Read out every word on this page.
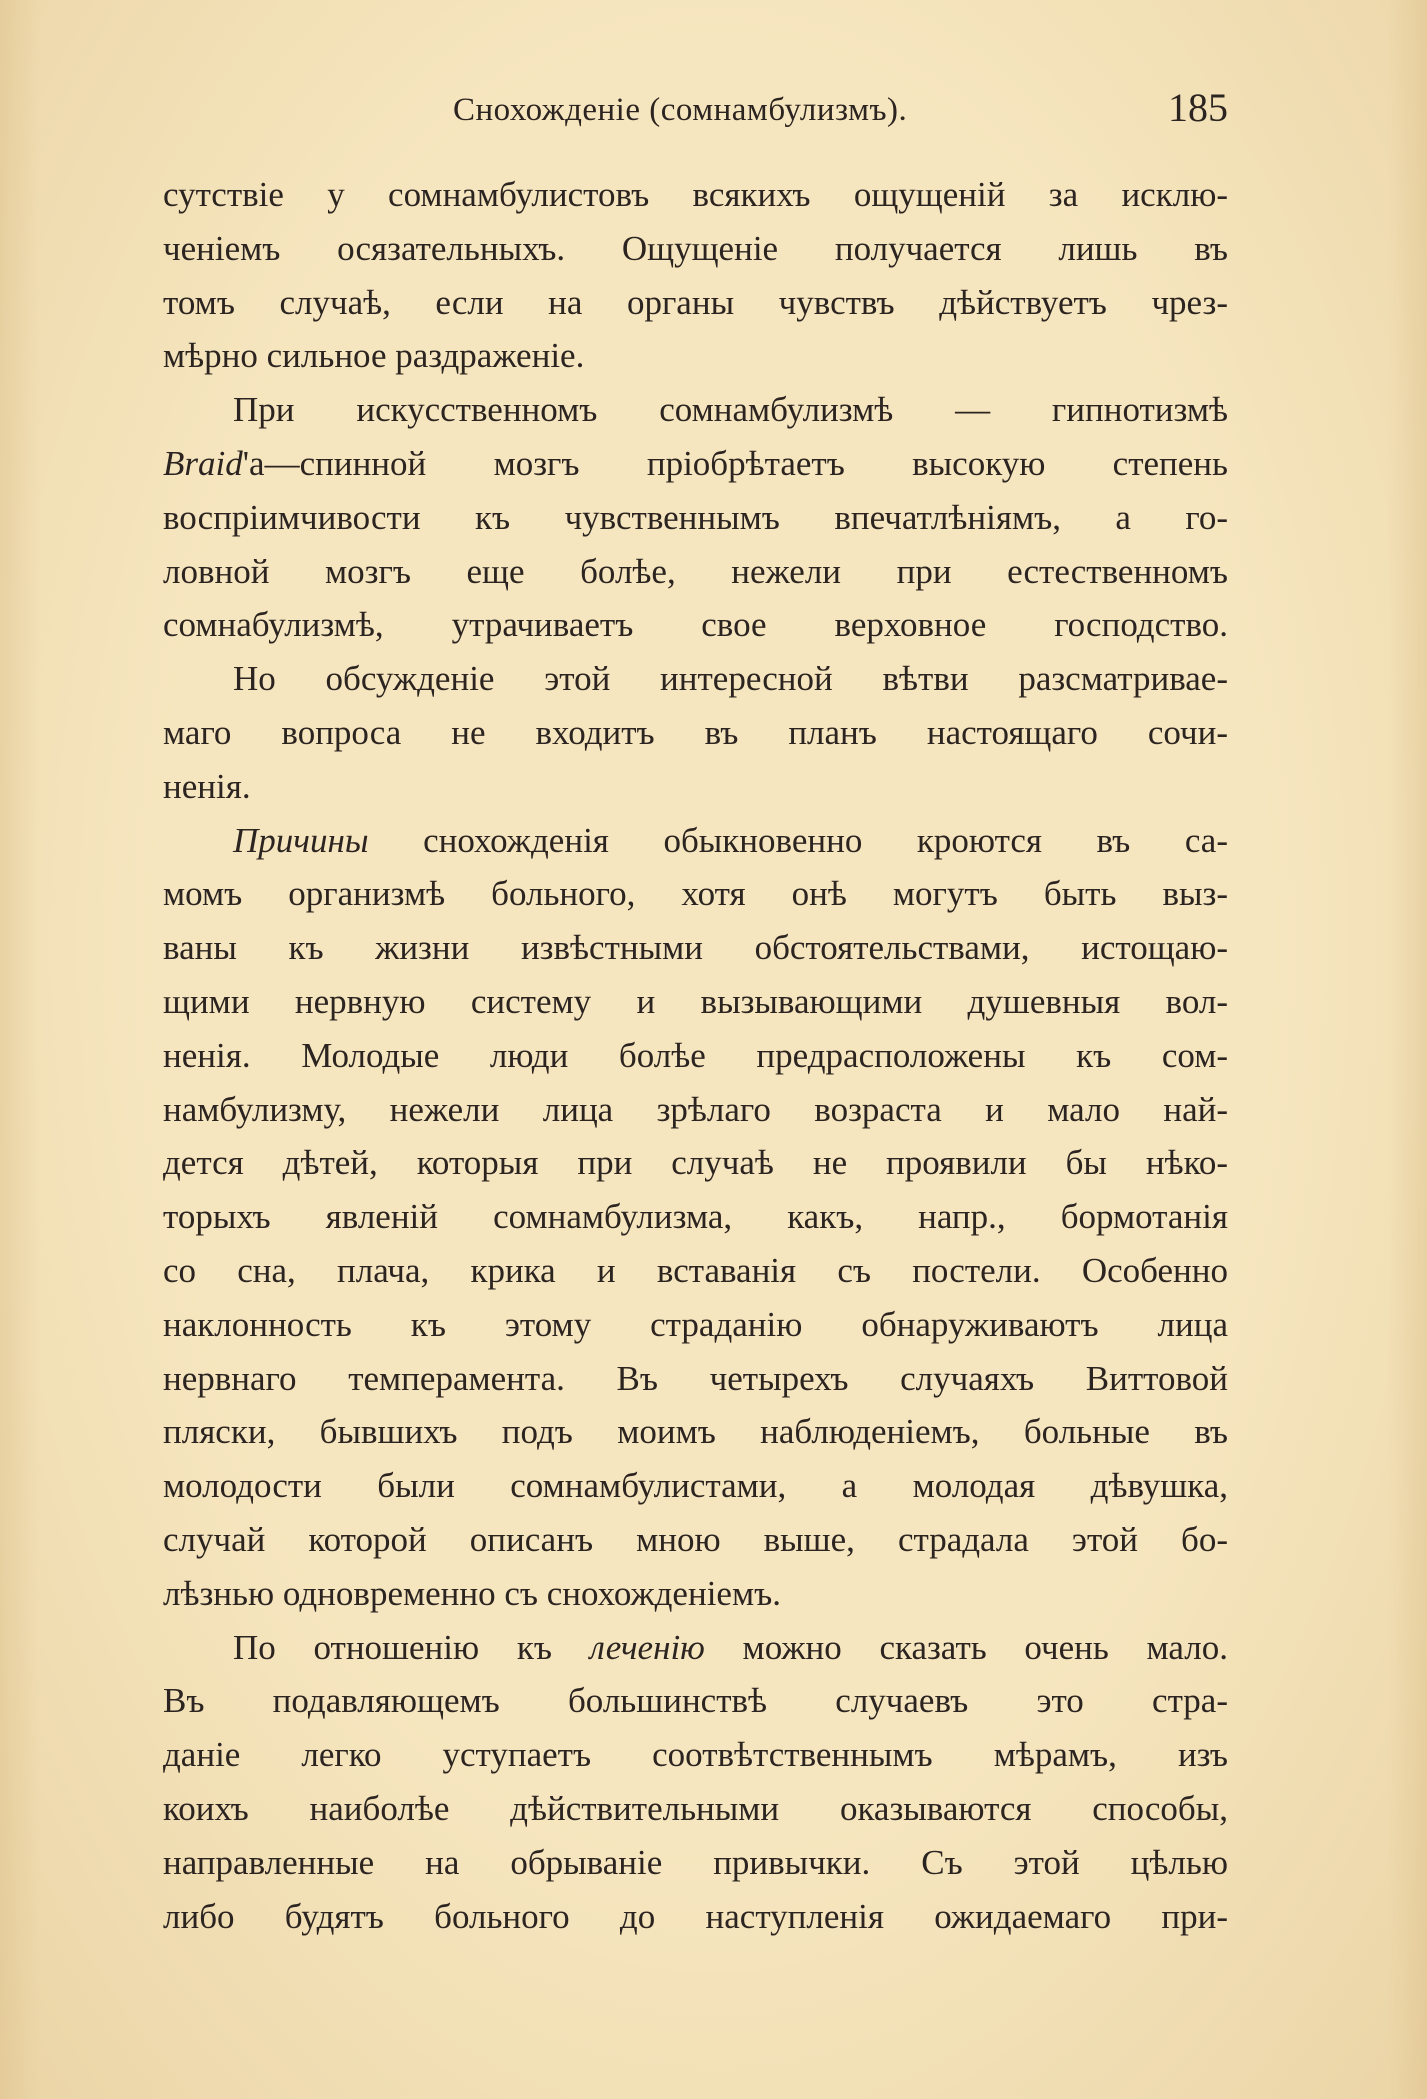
Снохожденіе (сомнамбулизмъ).	185
сутствіе у сомнамбулистовъ всякихъ ощущеній за исклю-
ченіемъ осязательныхъ. Ощущеніе получается лишь въ
томъ случаѣ, если на органы чувствъ дѣйствуетъ чрез-
мѣрно сильное раздраженіе.
При искусственномъ сомнамбулизмѣ — гипнотизмѣ
Braid'а—спинной мозгъ пріобрѣтаетъ высокую степень
воспріимчивости къ чувственнымъ впечатлѣніямъ, а го-
ловной мозгъ еще болѣе, нежели при естественномъ
сомнабулизмѣ, утрачиваетъ свое верховное господство.
Но обсужденіе этой интересной вѣтви разсматривае-
маго вопроса не входитъ въ планъ настоящаго сочи-
ненія.
Причины снохожденія обыкновенно кроются въ са-
момъ организмѣ больного, хотя онѣ могутъ быть выз-
ваны къ жизни извѣстными обстоятельствами, истощаю-
щими нервную систему и вызывающими душевныя вол-
ненія. Молодые люди болѣе предрасположены къ сом-
намбулизму, нежели лица зрѣлаго возраста и мало най-
дется дѣтей, которыя при случаѣ не проявили бы нѣко-
торыхъ явленій сомнамбулизма, какъ, напр., бормотанія
со сна, плача, крика и вставанія съ постели. Особенно
наклонность къ этому страданію обнаруживаютъ лица
нервнаго темперамента. Въ четырехъ случаяхъ Виттовой
пляски, бывшихъ подъ моимъ наблюденіемъ, больные въ
молодости были сомнамбулистами, а молодая дѣвушка,
случай которой описанъ мною выше, страдала этой бо-
лѣзнью одновременно съ снохожденіемъ.
По отношенію къ леченію можно сказать очень мало.
Въ подавляющемъ большинствѣ случаевъ это стра-
даніе легко уступаетъ соотвѣтственнымъ мѣрамъ, изъ
коихъ наиболѣе дѣйствительными оказываются способы,
направленные на обрываніе привычки. Съ этой цѣлью
либо будятъ больного до наступленія ожидаемаго при-
